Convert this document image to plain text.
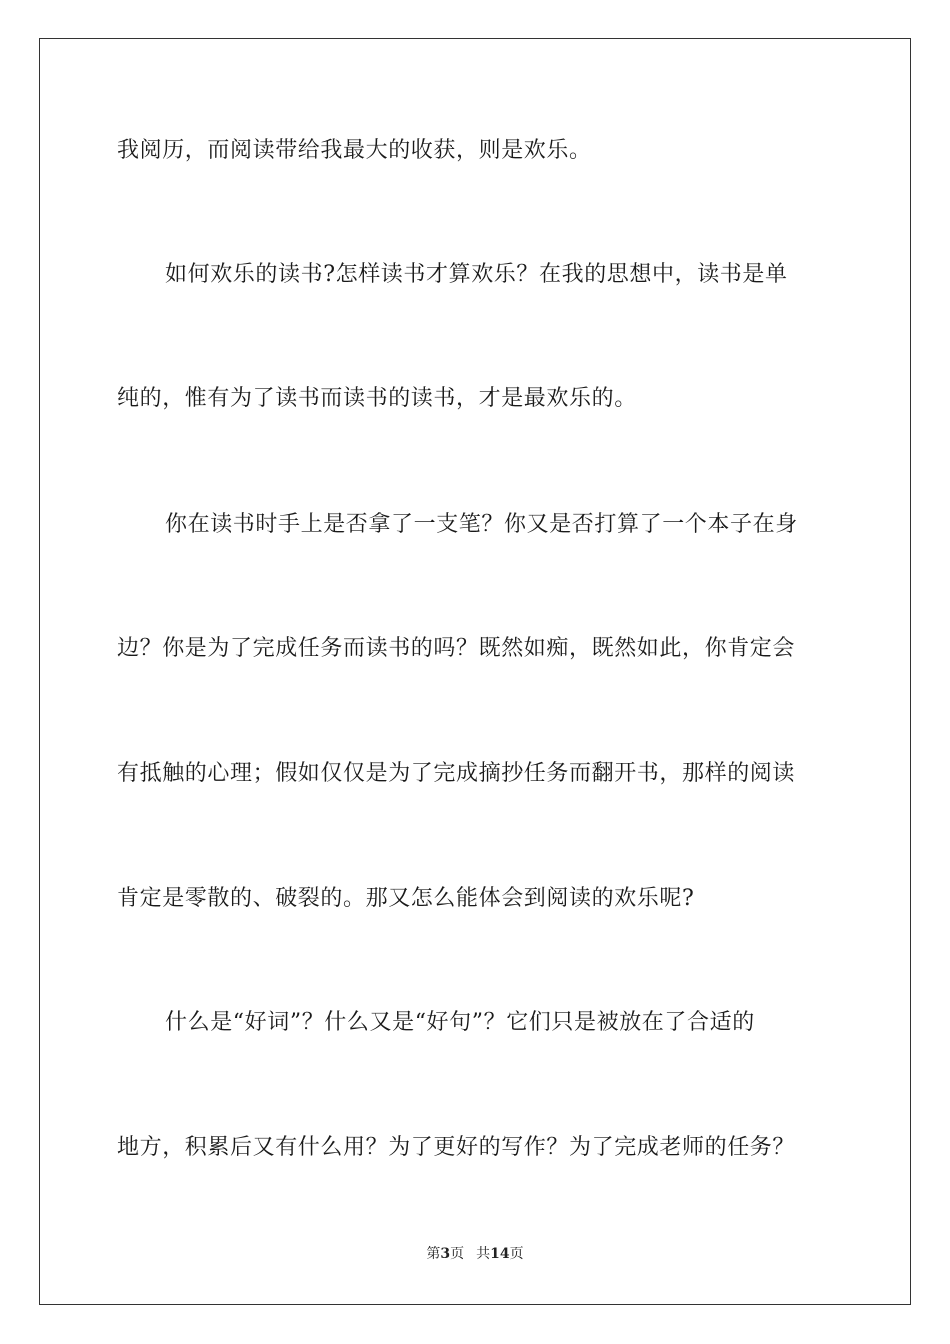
我阅历，而阅读带给我最大的收获，则是欢乐。
如何欢乐的读书?怎样读书才算欢乐？在我的思想中，读书是单
纯的，惟有为了读书而读书的读书，才是最欢乐的。
你在读书时手上是否拿了一支笔？你又是否打算了一个本子在身
边？你是为了完成任务而读书的吗？既然如痴，既然如此，你肯定会
有抵触的心理；假如仅仅是为了完成摘抄任务而翻开书，那样的阅读
肯定是零散的、破裂的。那又怎么能体会到阅读的欢乐呢?
什么是“好词”？什么又是“好句”？它们只是被放在了合适的
地方，积累后又有什么用？为了更好的写作？为了完成老师的任务？
第3页 共14页
